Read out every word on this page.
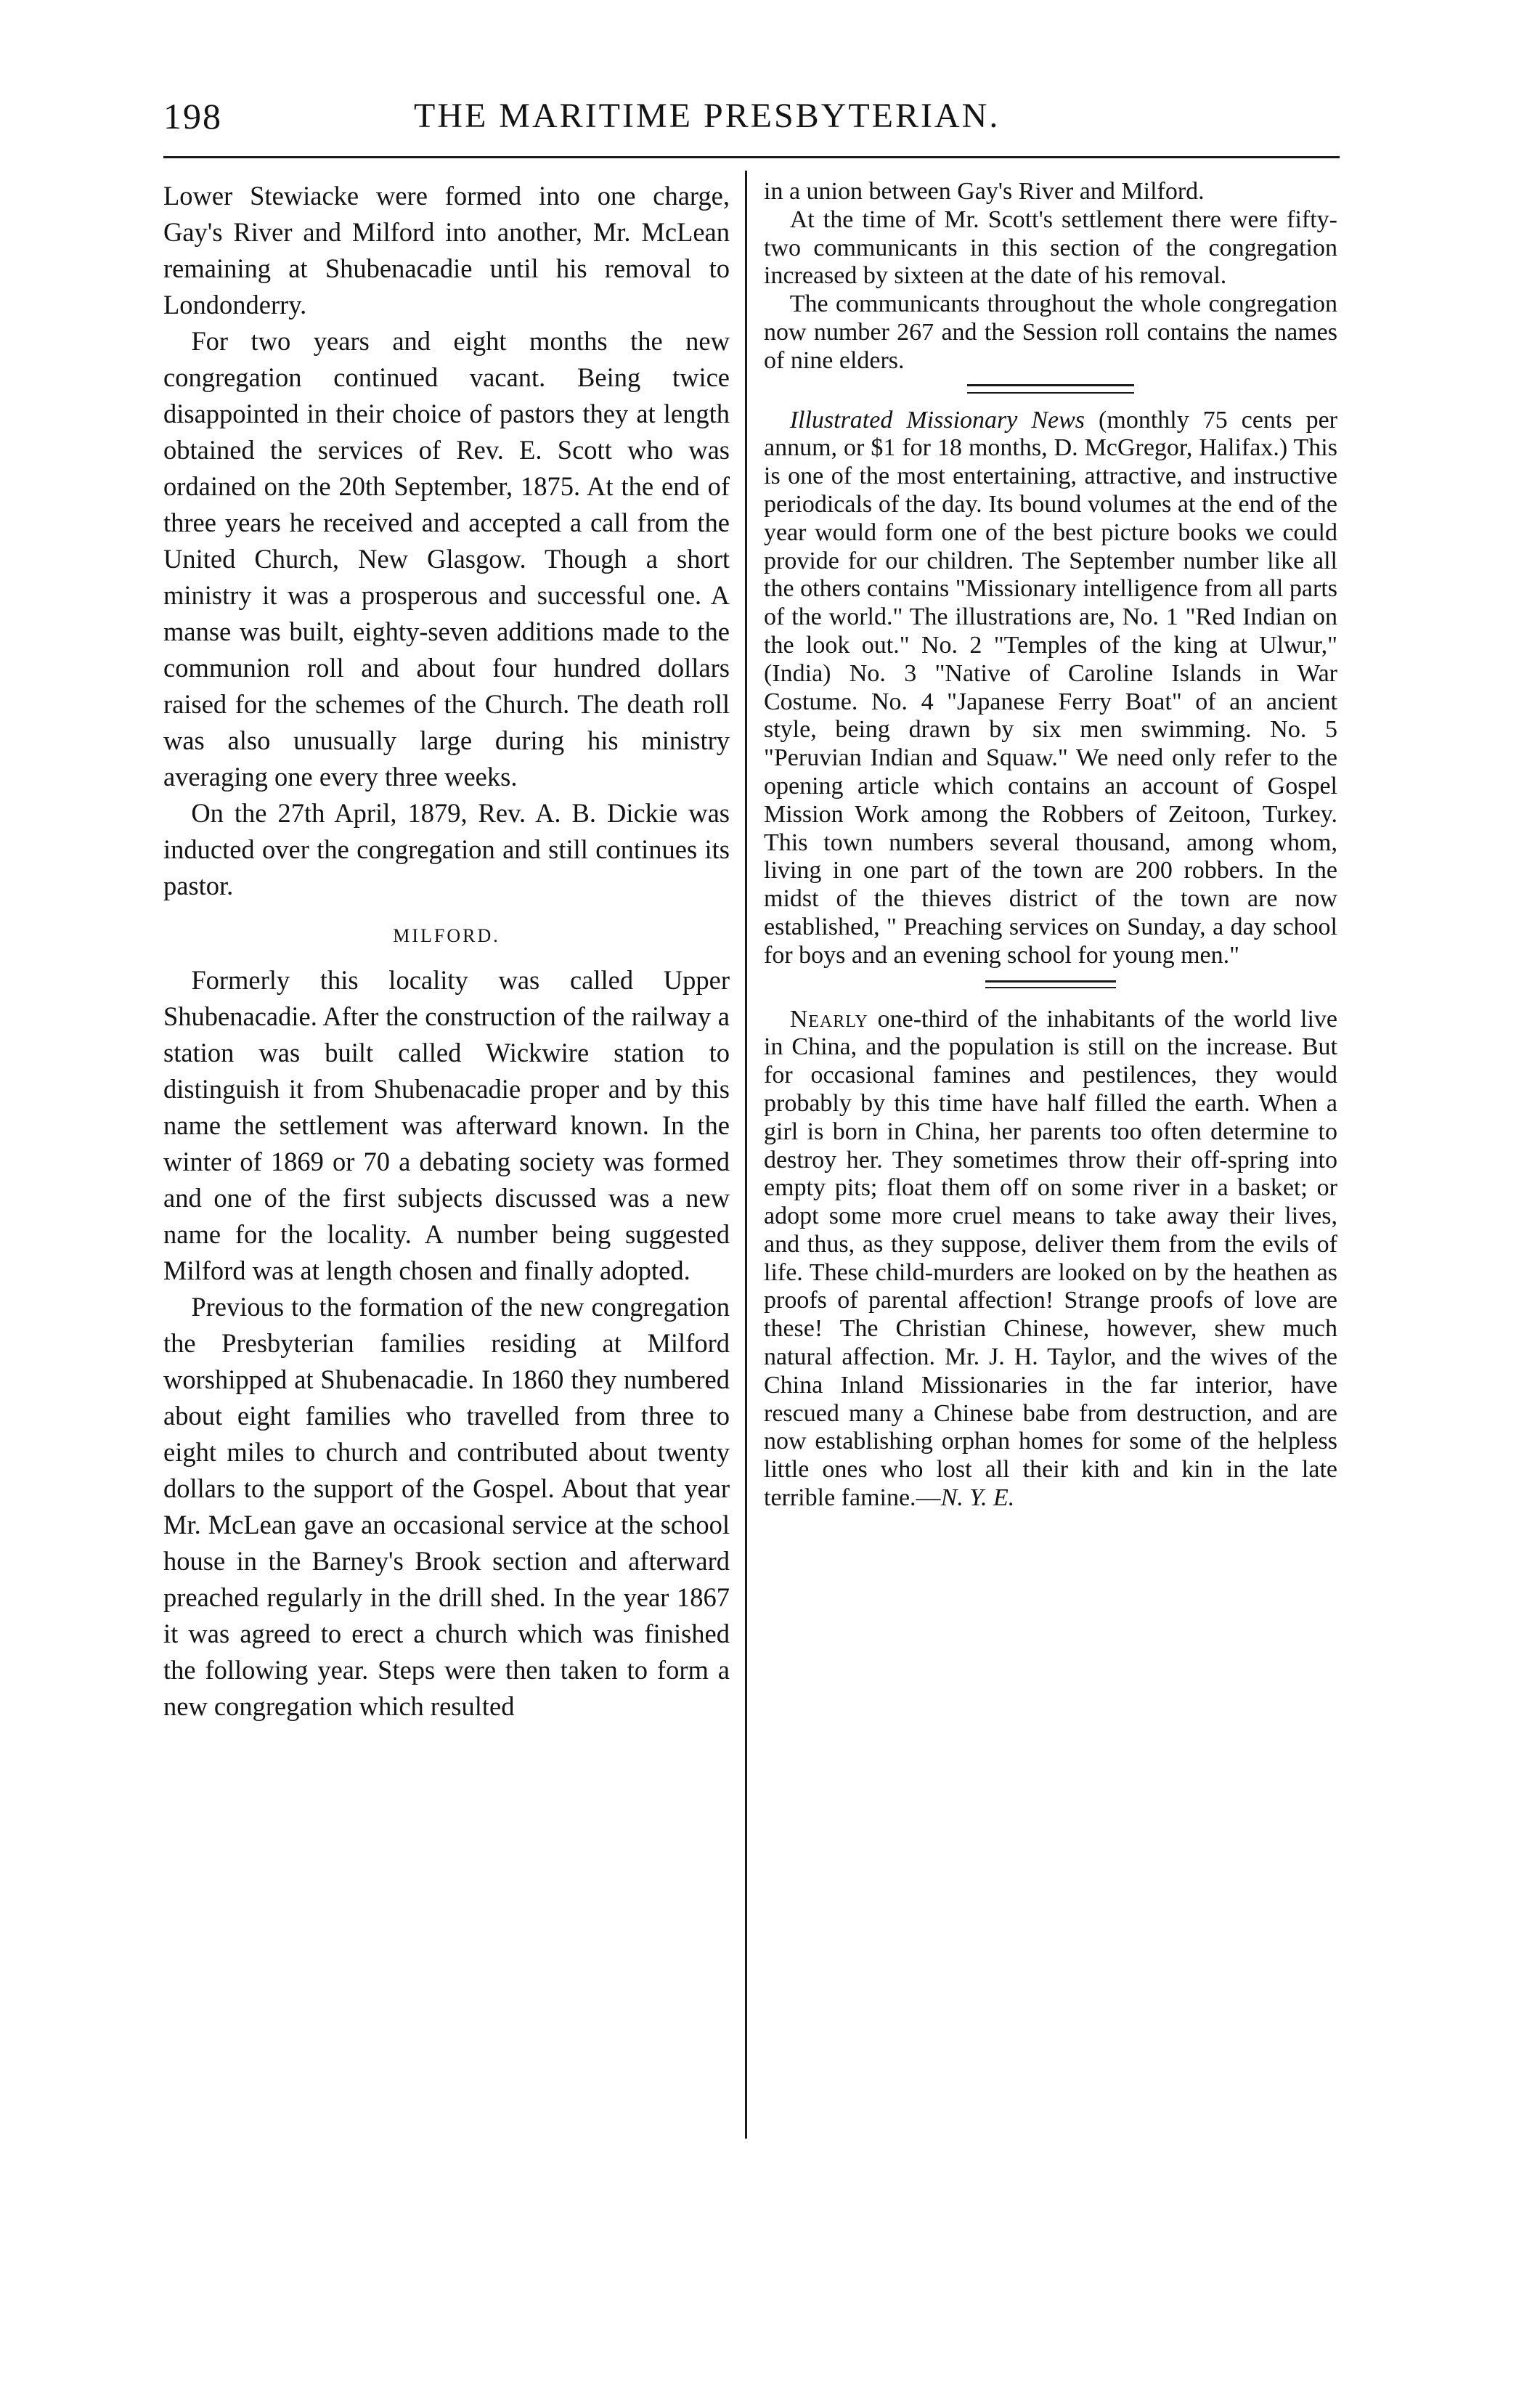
198	THE MARITIME PRESBYTERIAN.

Lower Stewiacke were formed into one charge, Gay's River and Milford into another, Mr. McLean remaining at Shubenacadie until his removal to Londonderry.

For two years and eight months the new congregation continued vacant. Being twice disappointed in their choice of pastors they at length obtained the services of Rev. E. Scott who was ordained on the 20th September, 1875. At the end of three years he received and accepted a call from the United Church, New Glasgow. Though a short ministry it was a prosperous and successful one. A manse was built, eighty-seven additions made to the communion roll and about four hundred dollars raised for the schemes of the Church. The death roll was also unusually large during his ministry averaging one every three weeks.

On the 27th April, 1879, Rev. A. B. Dickie was inducted over the congregation and still continues its pastor.

MILFORD.

Formerly this locality was called Upper Shubenacadie. After the construction of the railway a station was built called Wickwire station to distinguish it from Shubenacadie proper and by this name the settlement was afterward known. In the winter of 1869 or 70 a debating society was formed and one of the first subjects discussed was a new name for the locality. A number being suggested Milford was at length chosen and finally adopted.

Previous to the formation of the new congregation the Presbyterian families residing at Milford worshipped at Shubenacadie. In 1860 they numbered about eight families who travelled from three to eight miles to church and contributed about twenty dollars to the support of the Gospel. About that year Mr. McLean gave an occasional service at the school house in the Barney's Brook section and afterward preached regularly in the drill shed. In the year 1867 it was agreed to erect a church which was finished the following year. Steps were then taken to form a new congregation which resulted

in a union between Gay's River and Milford.

At the time of Mr. Scott's settlement there were fifty-two communicants in this section of the congregation increased by sixteen at the date of his removal.

The communicants throughout the whole congregation now number 267 and the Session roll contains the names of nine elders.

Illustrated Missionary News (monthly 75 cents per annum, or $1 for 18 months, D. McGregor, Halifax.) This is one of the most entertaining, attractive, and instructive periodicals of the day. Its bound volumes at the end of the year would form one of the best picture books we could provide for our children. The September number like all the others contains "Missionary intelligence from all parts of the world." The illustrations are, No. 1 "Red Indian on the look out." No. 2 "Temples of the king at Ulwur," (India) No. 3 "Native of Caroline Islands in War Costume. No. 4 "Japanese Ferry Boat" of an ancient style, being drawn by six men swimming. No. 5 "Peruvian Indian and Squaw." We need only refer to the opening article which contains an account of Gospel Mission Work among the Robbers of Zeitoon, Turkey. This town numbers several thousand, among whom, living in one part of the town are 200 robbers. In the midst of the thieves district of the town are now established, " Preaching services on Sunday, a day school for boys and an evening school for young men."

Nearly one-third of the inhabitants of the world live in China, and the population is still on the increase. But for occasional famines and pestilences, they would probably by this time have half filled the earth. When a girl is born in China, her parents too often determine to destroy her. They sometimes throw their off-spring into empty pits; float them off on some river in a basket; or adopt some more cruel means to take away their lives, and thus, as they suppose, deliver them from the evils of life. These child-murders are looked on by the heathen as proofs of parental affection! Strange proofs of love are these! The Christian Chinese, however, shew much natural affection. Mr. J. H. Taylor, and the wives of the China Inland Missionaries in the far interior, have rescued many a Chinese babe from destruction, and are now establishing orphan homes for some of the helpless little ones who lost all their kith and kin in the late terrible famine.—N. Y. E.
